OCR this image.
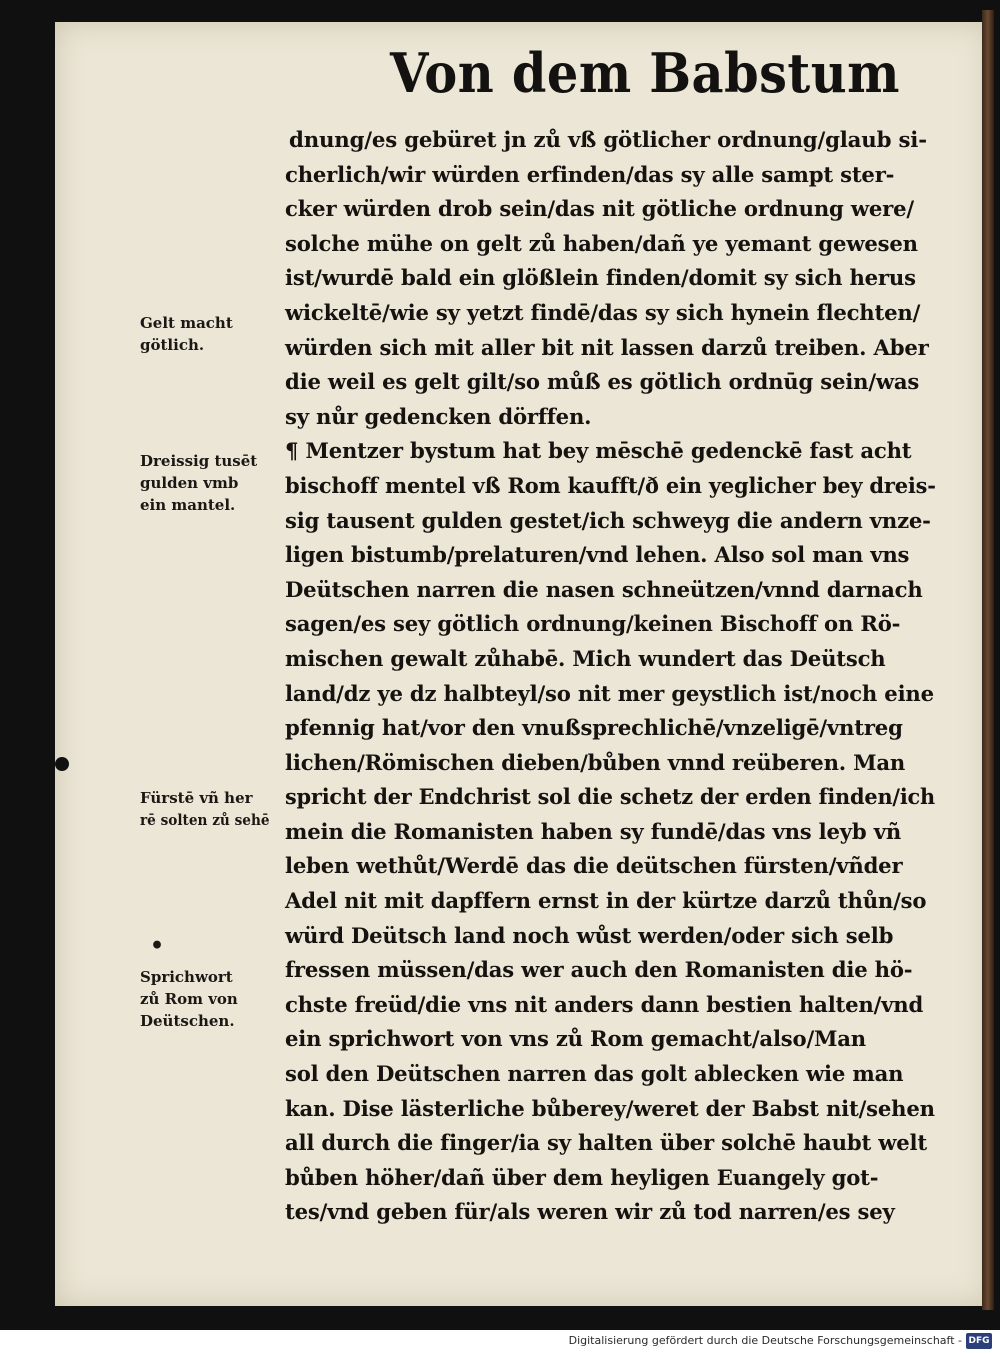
Von dem Babstum
dnung/es gebüret jn zů vß götlicher ordnung/glaub si-
cherlich/wir würden erfinden/das sy alle sampt ster-
cker würden drob sein/das nit götliche ordnung were/
solche mühe on gelt zů haben/dañ ye yemant gewesen
ist/wurdē bald ein glößlein finden/domit sy sich herus
wickeltē/wie sy yetzt findē/das sy sich hynein flechten/
würden sich mit aller bit nit lassen darzů treiben. Aber
die weil es gelt gilt/so můß es götlich ordnūg sein/was
sy nůr gedencken dörffen.
¶ Mentzer bystum hat bey mēschē gedenckē fast acht
bischoff mentel vß Rom kaufft/ð ein yeglicher bey dreis-
sig tausent gulden gestet/ich schweyg die andern vnze-
ligen bistumb/prelaturen/vnd lehen. Also sol man vns
Deütschen narren die nasen schneützen/vnnd darnach
sagen/es sey götlich ordnung/keinen Bischoff on Rö-
mischen gewalt zůhabē. Mich wundert das Deütsch
land/dz ye dz halbteyl/so nit mer geystlich ist/noch eine
pfennig hat/vor den vnußsprechlichē/vnzeligē/vntreg
lichen/Römischen dieben/bůben vnnd reüberen. Man
spricht der Endchrist sol die schetz der erden finden/ich
mein die Romanisten haben sy fundē/das vns leyb vñ
leben wethůt/Werdē das die deütschen fürsten/vñder
Adel nit mit dapffern ernst in der kürtze darzů thůn/so
würd Deütsch land noch wůst werden/oder sich selb
fressen müssen/das wer auch den Romanisten die hö-
chste freüd/die vns nit anders dann bestien halten/vnd
ein sprichwort von vns zů Rom gemacht/also/Man
sol den Deütschen narren das golt ablecken wie man
kan. Dise lästerliche bůberey/weret der Babst nit/sehen
all durch die finger/ia sy halten über solchē haubt welt
bůben höher/dañ über dem heyligen Euangely got-
tes/vnd geben für/als weren wir zů tod narren/es sey
Gelt macht
götlich.
Dreissig tusēt
gulden vmb
ein mantel.
Fürstē vñ her
rē solten zů sehē
•
Sprichwort
zů Rom von
Deütschen.
Digitalisierung gefördert durch die Deutsche Forschungsgemeinschaft - DFG
